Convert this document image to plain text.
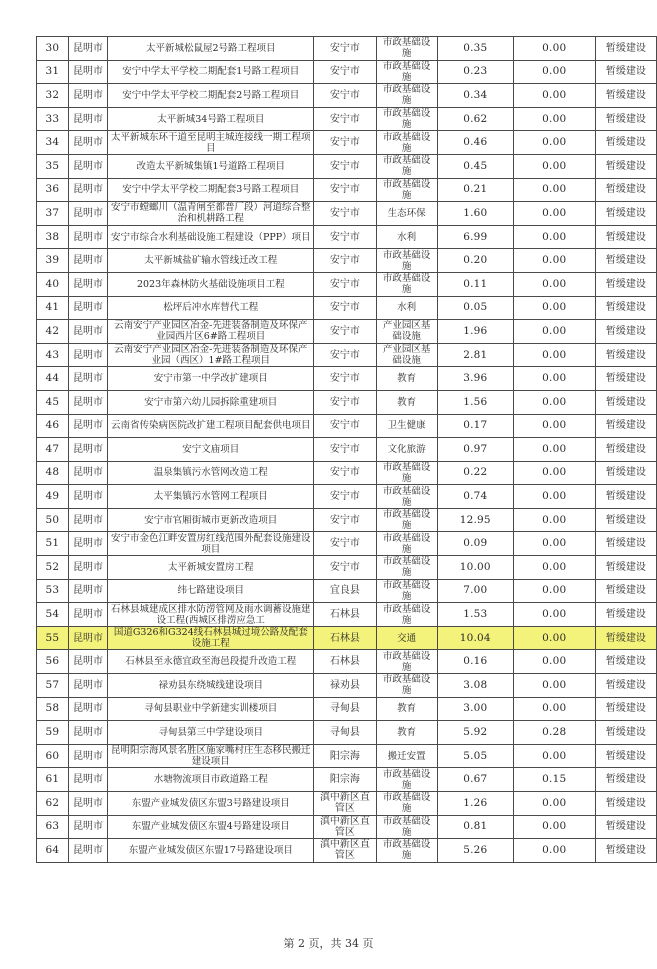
30	昆明市	太平新城松鼠屋2号路工程项目	安宁市	市政基础设施	0.35	0.00	暂缓建设
31	昆明市	安宁中学太平学校二期配套1号路工程项目	安宁市	市政基础设施	0.23	0.00	暂缓建设
32	昆明市	安宁中学太平学校二期配套2号路工程项目	安宁市	市政基础设施	0.34	0.00	暂缓建设
33	昆明市	太平新城34号路工程项目	安宁市	市政基础设施	0.62	0.00	暂缓建设
34	昆明市	太平新城东环干道至昆明主城连接线一期工程项目	安宁市	市政基础设施	0.46	0.00	暂缓建设
35	昆明市	改造太平新城集镇1号道路工程项目	安宁市	市政基础设施	0.45	0.00	暂缓建设
36	昆明市	安宁中学太平学校二期配套3号路工程项目	安宁市	市政基础设施	0.21	0.00	暂缓建设
37	昆明市	安宁市螳螂川（温青闸至都普厂段）河道综合整治和机耕路工程	安宁市	生态环保	1.60	0.00	暂缓建设
38	昆明市	安宁市综合水利基础设施工程建设（PPP）项目	安宁市	水利	6.99	0.00	暂缓建设
39	昆明市	太平新城盐矿输水管线迁改工程	安宁市	市政基础设施	0.20	0.00	暂缓建设
40	昆明市	2023年森林防火基础设施项目工程	安宁市	市政基础设施	0.11	0.00	暂缓建设
41	昆明市	松坪后冲水库替代工程	安宁市	水利	0.05	0.00	暂缓建设
42	昆明市	云南安宁产业园区冶金-先进装备制造及环保产业园西片区6#路工程项目	安宁市	产业园区基础设施	1.96	0.00	暂缓建设
43	昆明市	云南安宁产业园区冶金-先进装备制造及环保产业园（西区）1#路工程项目	安宁市	产业园区基础设施	2.81	0.00	暂缓建设
44	昆明市	安宁市第一中学改扩建项目	安宁市	教育	3.96	0.00	暂缓建设
45	昆明市	安宁市第六幼儿园拆除重建项目	安宁市	教育	1.56	0.00	暂缓建设
46	昆明市	云南省传染病医院改扩建工程项目配套供电项目	安宁市	卫生健康	0.17	0.00	暂缓建设
47	昆明市	安宁文庙项目	安宁市	文化旅游	0.97	0.00	暂缓建设
48	昆明市	温泉集镇污水管网改造工程	安宁市	市政基础设施	0.22	0.00	暂缓建设
49	昆明市	太平集镇污水管网工程项目	安宁市	市政基础设施	0.74	0.00	暂缓建设
50	昆明市	安宁市官厢街城市更新改造项目	安宁市	市政基础设施	12.95	0.00	暂缓建设
51	昆明市	安宁市金色江畔安置房红线范围外配套设施建设项目	安宁市	市政基础设施	0.09	0.00	暂缓建设
52	昆明市	太平新城安置房工程	安宁市	市政基础设施	10.00	0.00	暂缓建设
53	昆明市	纬七路建设项目	宜良县	市政基础设施	7.00	0.00	暂缓建设
54	昆明市	石林县城建成区排水防涝管网及雨水调蓄设施建设工程(西城区排涝应急工	石林县	市政基础设施	1.53	0.00	暂缓建设
55	昆明市	国道G326和G324线石林县城过境公路及配套设施工程	石林县	交通	10.04	0.00	暂缓建设
56	昆明市	石林县至永德宜政至海邑段提升改造工程	石林县	市政基础设施	0.16	0.00	暂缓建设
57	昆明市	禄劝县东绕城线建设项目	禄劝县	市政基础设施	3.08	0.00	暂缓建设
58	昆明市	寻甸县职业中学新建实训楼项目	寻甸县	教育	3.00	0.00	暂缓建设
59	昆明市	寻甸县第三中学建设项目	寻甸县	教育	5.92	0.28	暂缓建设
60	昆明市	昆明阳宗海风景名胜区施家嘴村庄生态移民搬迁建设项目	阳宗海	搬迁安置	5.05	0.00	暂缓建设
61	昆明市	水塘物流项目市政道路工程	阳宗海	市政基础设施	0.67	0.15	暂缓建设
62	昆明市	东盟产业城发债区东盟3号路建设项目	滇中新区直管区	市政基础设施	1.26	0.00	暂缓建设
63	昆明市	东盟产业城发债区东盟4号路建设项目	滇中新区直管区	市政基础设施	0.81	0.00	暂缓建设
64	昆明市	东盟产业城发债区东盟17号路建设项目	滇中新区直管区	市政基础设施	5.26	0.00	暂缓建设
第 2 页，共 34 页
